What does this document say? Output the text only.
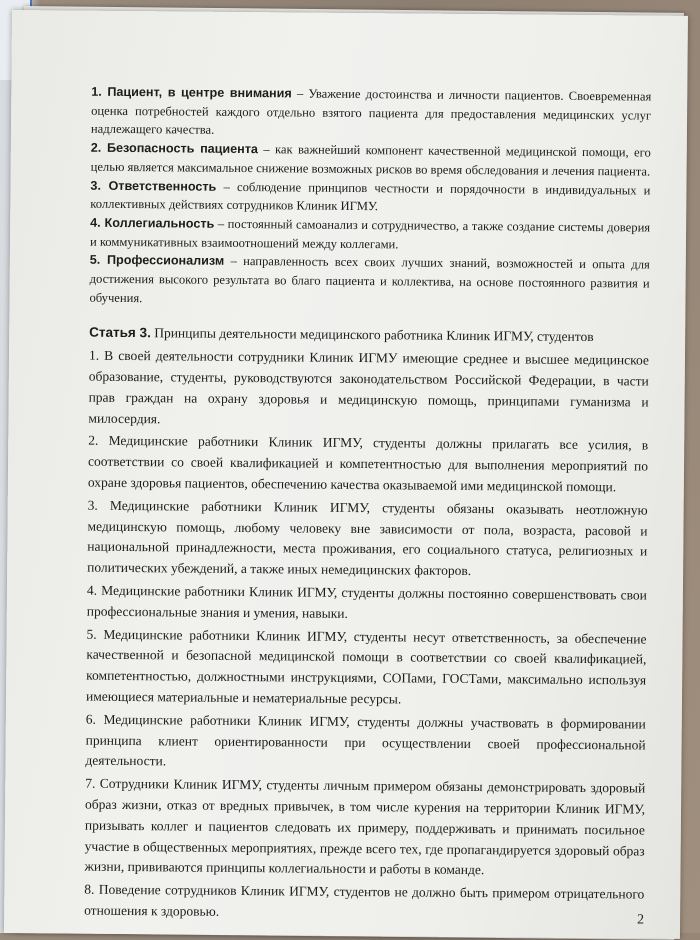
1. Пациент, в центре внимания – Уважение достоинства и личности пациентов. Своевременная оценка потребностей каждого отдельно взятого пациента для предоставления медицинских услуг надлежащего качества.

2. Безопасность пациента – как важнейший компонент качественной медицинской помощи, его целью является максимальное снижение возможных рисков во время обследования и лечения пациента.

3. Ответственность – соблюдение принципов честности и порядочности в индивидуальных и коллективных действиях сотрудников Клиник ИГМУ.

4. Коллегиальность – постоянный самоанализ и сотрудничество, а также создание системы доверия и коммуникативных взаимоотношений между коллегами.

5. Профессионализм – направленность всех своих лучших знаний, возможностей и опыта для достижения высокого результата во благо пациента и коллектива, на основе постоянного развития и обучения.

Статья 3. Принципы деятельности медицинского работника Клиник ИГМУ, студентов

1. В своей деятельности сотрудники Клиник ИГМУ имеющие среднее и высшее медицинское образование, студенты, руководствуются законодательством Российской Федерации, в части прав граждан на охрану здоровья и медицинскую помощь, принципами гуманизма и милосердия.

2. Медицинские работники Клиник ИГМУ, студенты должны прилагать все усилия, в соответствии со своей квалификацией и компетентностью для выполнения мероприятий по охране здоровья пациентов, обеспечению качества оказываемой ими медицинской помощи.

3. Медицинские работники Клиник ИГМУ, студенты обязаны оказывать неотложную медицинскую помощь, любому человеку вне зависимости от пола, возраста, расовой и национальной принадлежности, места проживания, его социального статуса, религиозных и политических убеждений, а также иных немедицинских факторов.

4. Медицинские работники Клиник ИГМУ, студенты должны постоянно совершенствовать свои профессиональные знания и умения, навыки.

5. Медицинские работники Клиник ИГМУ, студенты несут ответственность, за обеспечение качественной и безопасной медицинской помощи в соответствии со своей квалификацией, компетентностью, должностными инструкциями, СОПами, ГОСТами, максимально используя имеющиеся материальные и нематериальные ресурсы.

6. Медицинские работники Клиник ИГМУ, студенты должны участвовать в формировании принципа клиент ориентированности при осуществлении своей профессиональной деятельности.

7. Сотрудники Клиник ИГМУ, студенты личным примером обязаны демонстрировать здоровый образ жизни, отказ от вредных привычек, в том числе курения на территории Клиник ИГМУ, призывать коллег и пациентов следовать их примеру, поддерживать и принимать посильное участие в общественных мероприятиях, прежде всего тех, где пропагандируется здоровый образ жизни, прививаются принципы коллегиальности и работы в команде.

8. Поведение сотрудников Клиник ИГМУ, студентов не должно быть примером отрицательного отношения к здоровью.

2
